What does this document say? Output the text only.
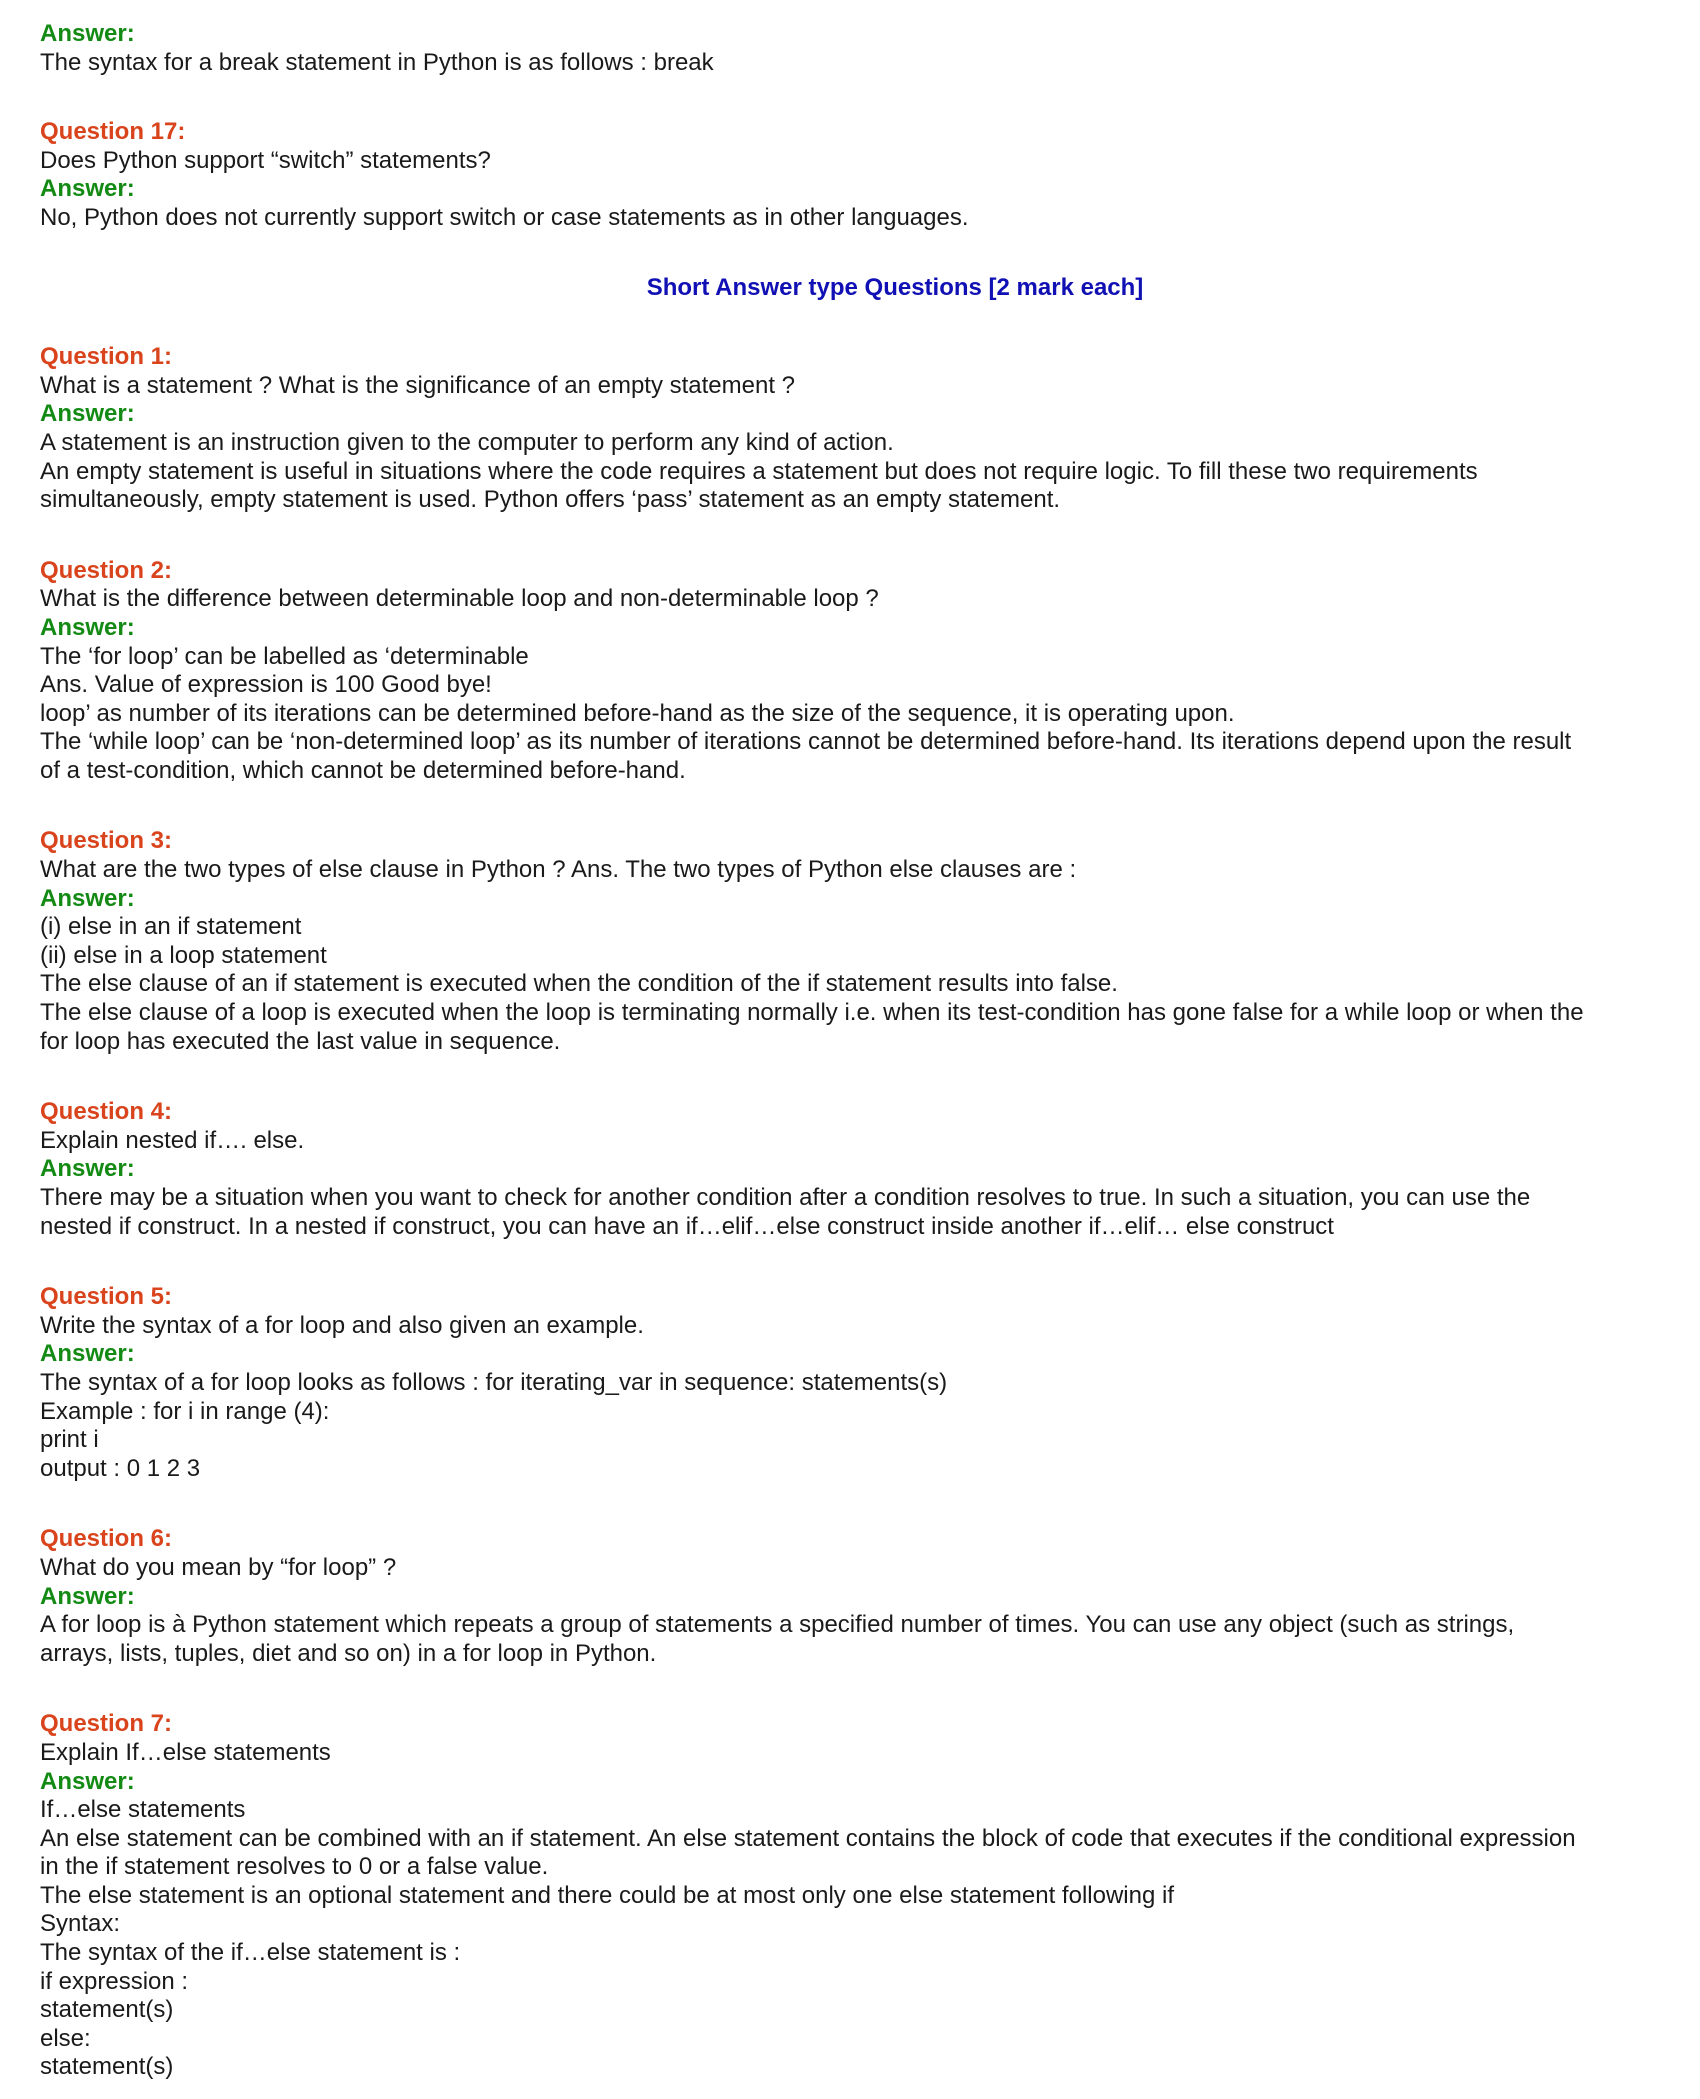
Answer:
The syntax for a break statement in Python is as follows : break
Question 17:
Does Python support “switch” statements?
Answer:
No, Python does not currently support switch or case statements as in other languages.
Short Answer type Questions [2 mark each]
Question 1:
What is a statement ? What is the significance of an empty statement ?
Answer:
A statement is an instruction given to the computer to perform any kind of action.
An empty statement is useful in situations where the code requires a statement but does not require logic. To fill these two requirements
simultaneously, empty statement is used. Python offers ‘pass’ statement as an empty statement.
Question 2:
What is the difference between determinable loop and non-determinable loop ?
Answer:
The ‘for loop’ can be labelled as ‘determinable
Ans. Value of expression is 100 Good bye!
loop’ as number of its iterations can be determined before-hand as the size of the sequence, it is operating upon.
The ‘while loop’ can be ‘non-determined loop’ as its number of iterations cannot be determined before-hand. Its iterations depend upon the result
of a test-condition, which cannot be determined before-hand.
Question 3:
What are the two types of else clause in Python ? Ans. The two types of Python else clauses are :
Answer:
(i) else in an if statement
(ii) else in a loop statement
The else clause of an if statement is executed when the condition of the if statement results into false.
The else clause of a loop is executed when the loop is terminating normally i.e. when its test-condition has gone false for a while loop or when the
for loop has executed the last value in sequence.
Question 4:
Explain nested if…. else.
Answer:
There may be a situation when you want to check for another condition after a condition resolves to true. In such a situation, you can use the
nested if construct. In a nested if construct, you can have an if…elif…else construct inside another if…elif… else construct
Question 5:
Write the syntax of a for loop and also given an example.
Answer:
The syntax of a for loop looks as follows : for iterating_var in sequence: statements(s)
Example : for i in range (4):
print i
output : 0 1 2 3
Question 6:
What do you mean by “for loop” ?
Answer:
A for loop is à Python statement which repeats a group of statements a specified number of times. You can use any object (such as strings,
arrays, lists, tuples, diet and so on) in a for loop in Python.
Question 7:
Explain If…else statements
Answer:
If…else statements
An else statement can be combined with an if statement. An else statement contains the block of code that executes if the conditional expression
in the if statement resolves to 0 or a false value.
The else statement is an optional statement and there could be at most only one else statement following if
Syntax:
The syntax of the if…else statement is :
if expression :
statement(s)
else:
statement(s)
